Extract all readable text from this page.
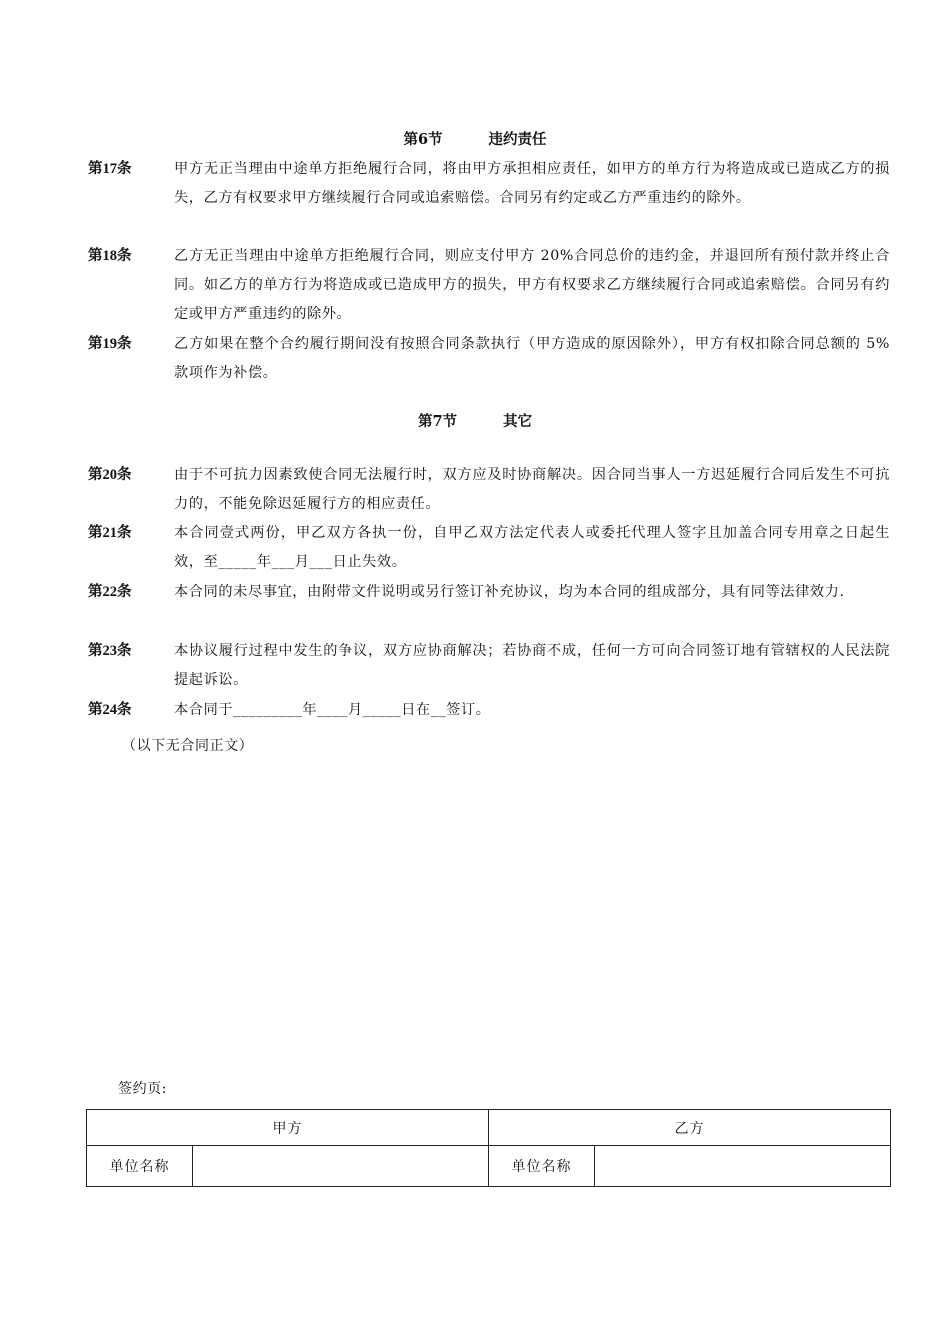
第6节	违约责任
第17条	甲方无正当理由中途单方拒绝履行合同，将由甲方承担相应责任，如甲方的单方行为将造成或已造成乙方的损失，乙方有权要求甲方继续履行合同或追索赔偿。合同另有约定或乙方严重违约的除外。
第18条	乙方无正当理由中途单方拒绝履行合同，则应支付甲方 20%合同总价的违约金，并退回所有预付款并终止合同。如乙方的单方行为将造成或已造成甲方的损失，甲方有权要求乙方继续履行合同或追索赔偿。合同另有约定或甲方严重违约的除外。
第19条	乙方如果在整个合约履行期间没有按照合同条款执行（甲方造成的原因除外），甲方有权扣除合同总额的 5%款项作为补偿。
第7节	其它
第20条	由于不可抗力因素致使合同无法履行时，双方应及时协商解决。因合同当事人一方迟延履行合同后发生不可抗力的，不能免除迟延履行方的相应责任。
第21条	本合同壹式两份，甲乙双方各执一份，自甲乙双方法定代表人或委托代理人签字且加盖合同专用章之日起生效，至_____年___月___日止失效。
第22条	本合同的未尽事宜，由附带文件说明或另行签订补充协议，均为本合同的组成部分，具有同等法律效力.
第23条	本协议履行过程中发生的争议，双方应协商解决；若协商不成，任何一方可向合同签订地有管辖权的人民法院提起诉讼。
第24条	本合同于_________年____月_____日在__签订。
（以下无合同正文）
签约页:
甲方		乙方	
单位名称		单位名称	
